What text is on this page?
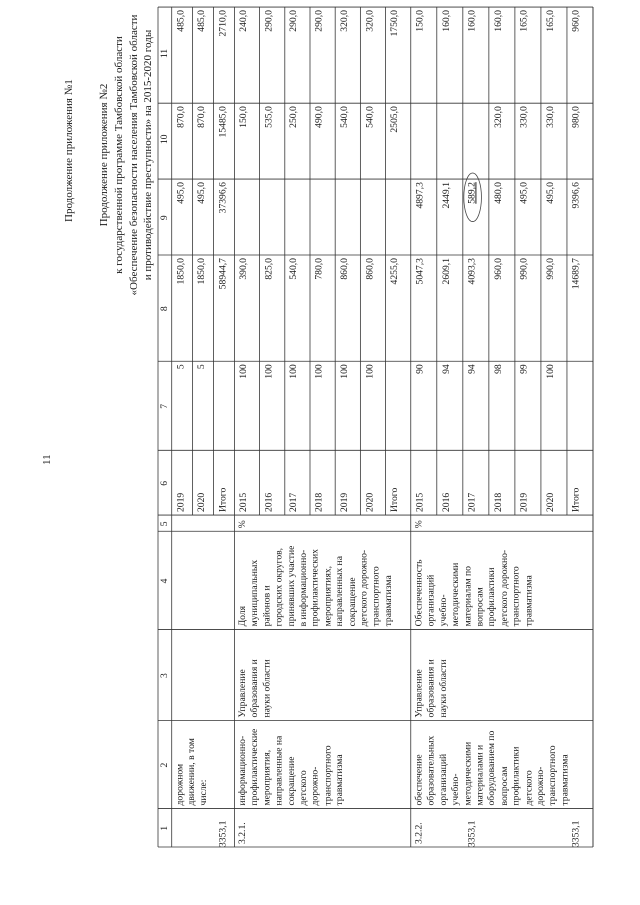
11
Продолжение приложения №1 Продолжение приложения №2 к государственной программе Тамбовской области «Обеспечение безопасности населения Тамбовской области и противодействие преступности» на 2015-2020 годы
1
2
3
4
5
6
7
8
9
10
11
дорожном движении, в том числе:
2019
5
1850,0
495,0
870,0
485,0
2020
5
1850,0
495,0
870,0
485,0
Итого
58944,7
37396,6
15485,0
2710,0
3353,1 3.2.1.
информационно- профилактические мероприятия, направленные на сокращение детского дорожно- транспортного травматизма
Управление образования и науки области
Доля муниципальных районов и городских округов, принявших участие в информационно- профилактических мероприятиях, направленных на сокращение детского дорожно- транспортного травматизма
%
2015
100
390,0
150,0
240,0
2016
100
825,0
535,0
290,0
2017
100
540,0
250,0
290,0
2018
100
780,0
490,0
290,0
2019
100
860,0
540,0
320,0
2020
100
860,0
540,0
320,0
Итого
4255,0
2505,0
1750,0
3.2.2.
обеспечение образовательных организаций учебно- методическими материалами и оборудованием по вопросам профилактики детского дорожно- транспортного травматизма
Управление образования и науки области
Обеспеченность организаций учебно- методическими материалам по вопросам профилактики детского дорожно- транспортного травматизма
%
2015
90
5047,3
4897,3
150,0
2016
94
2609,1
2449,1
160,0
2017
94
4093,3
589,2
160,0
3353,1
2018
98
960,0
480,0
320,0
160,0
2019
99
990,0
495,0
330,0
165,0
2020
100
990,0
495,0
330,0
165,0
Итого
14689,7
9396,6
980,0
960,0
3353,1
